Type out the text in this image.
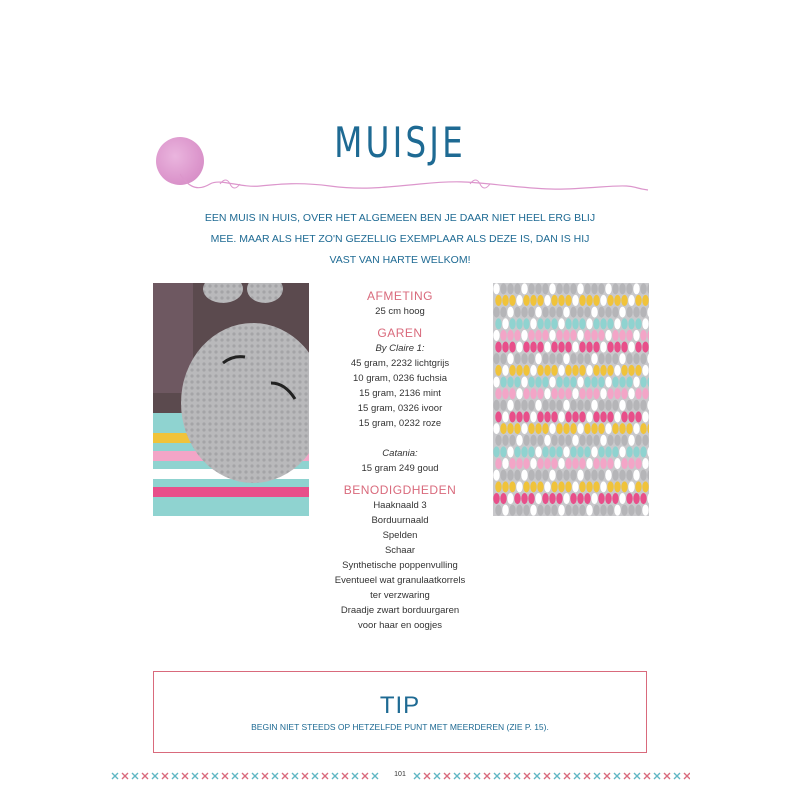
MUISJE
EEN MUIS IN HUIS, OVER HET ALGEMEEN BEN JE DAAR NIET HEEL ERG BLIJ MEE. MAAR ALS HET ZO'N GEZELLIG EXEMPLAAR ALS DEZE IS, DAN IS HIJ VAST VAN HARTE WELKOM!
AFMETING
25 cm hoog
GAREN
By Claire 1:
45 gram, 2232 lichtgrijs
10 gram, 0236 fuchsia
15 gram, 2136 mint
15 gram, 0326 ivoor
15 gram, 0232 roze
Catania:
15 gram 249 goud
BENODIGDHEDEN
Haaknaald 3
Borduurnaald
Spelden
Schaar
Synthetische poppenvulling
Eventueel wat granulaatkorrels
ter verzwaring
Draadje zwart borduurgaren
voor haar en oogjes
TIP
BEGIN NIET STEEDS OP HETZELFDE PUNT MET MEERDEREN (ZIE P. 15).
101
